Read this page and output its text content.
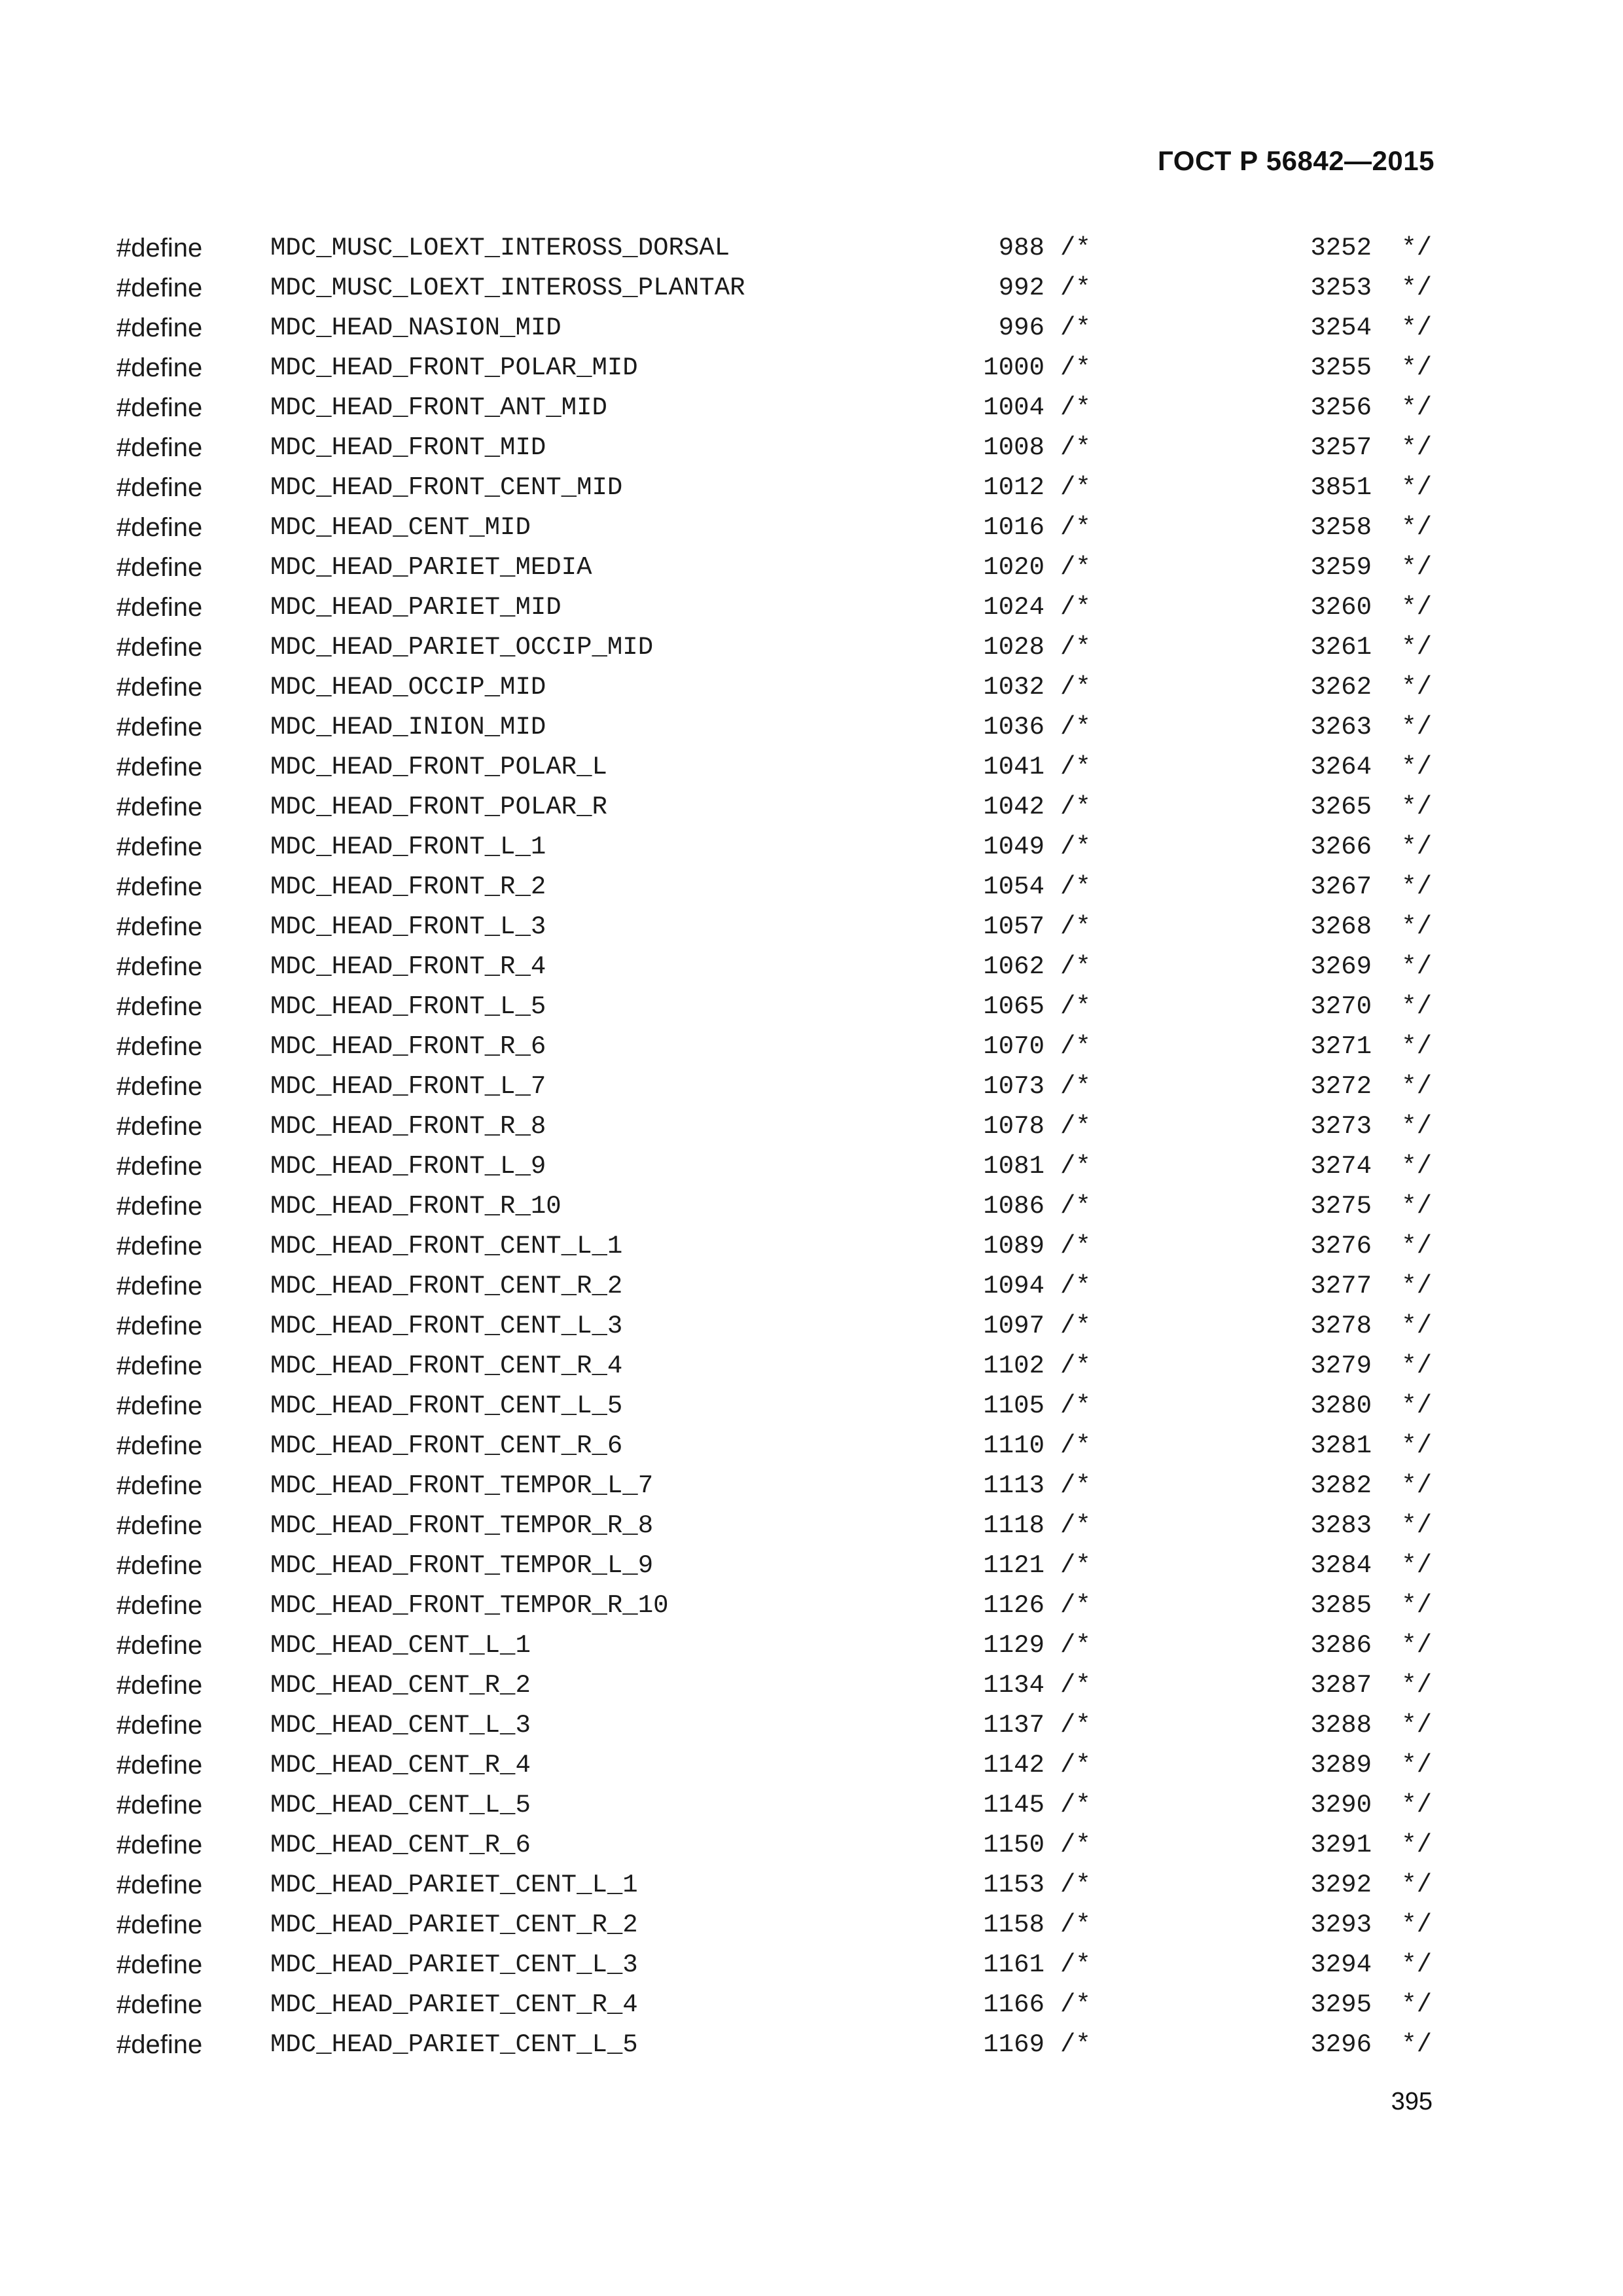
ГОСТ Р 56842—2015
#define	MDC_MUSC_LOEXT_INTEROSS_DORSAL	988 /*	3252 */
#define	MDC_MUSC_LOEXT_INTEROSS_PLANTAR	992 /*	3253 */
#define	MDC_HEAD_NASION_MID	996 /*	3254 */
#define	MDC_HEAD_FRONT_POLAR_MID	1000 /*	3255 */
#define	MDC_HEAD_FRONT_ANT_MID	1004 /*	3256 */
#define	MDC_HEAD_FRONT_MID	1008 /*	3257 */
#define	MDC_HEAD_FRONT_CENT_MID	1012 /*	3851 */
#define	MDC_HEAD_CENT_MID	1016 /*	3258 */
#define	MDC_HEAD_PARIET_MEDIA	1020 /*	3259 */
#define	MDC_HEAD_PARIET_MID	1024 /*	3260 */
#define	MDC_HEAD_PARIET_OCCIP_MID	1028 /*	3261 */
#define	MDC_HEAD_OCCIP_MID	1032 /*	3262 */
#define	MDC_HEAD_INION_MID	1036 /*	3263 */
#define	MDC_HEAD_FRONT_POLAR_L	1041 /*	3264 */
#define	MDC_HEAD_FRONT_POLAR_R	1042 /*	3265 */
#define	MDC_HEAD_FRONT_L_1	1049 /*	3266 */
#define	MDC_HEAD_FRONT_R_2	1054 /*	3267 */
#define	MDC_HEAD_FRONT_L_3	1057 /*	3268 */
#define	MDC_HEAD_FRONT_R_4	1062 /*	3269 */
#define	MDC_HEAD_FRONT_L_5	1065 /*	3270 */
#define	MDC_HEAD_FRONT_R_6	1070 /*	3271 */
#define	MDC_HEAD_FRONT_L_7	1073 /*	3272 */
#define	MDC_HEAD_FRONT_R_8	1078 /*	3273 */
#define	MDC_HEAD_FRONT_L_9	1081 /*	3274 */
#define	MDC_HEAD_FRONT_R_10	1086 /*	3275 */
#define	MDC_HEAD_FRONT_CENT_L_1	1089 /*	3276 */
#define	MDC_HEAD_FRONT_CENT_R_2	1094 /*	3277 */
#define	MDC_HEAD_FRONT_CENT_L_3	1097 /*	3278 */
#define	MDC_HEAD_FRONT_CENT_R_4	1102 /*	3279 */
#define	MDC_HEAD_FRONT_CENT_L_5	1105 /*	3280 */
#define	MDC_HEAD_FRONT_CENT_R_6	1110 /*	3281 */
#define	MDC_HEAD_FRONT_TEMPOR_L_7	1113 /*	3282 */
#define	MDC_HEAD_FRONT_TEMPOR_R_8	1118 /*	3283 */
#define	MDC_HEAD_FRONT_TEMPOR_L_9	1121 /*	3284 */
#define	MDC_HEAD_FRONT_TEMPOR_R_10	1126 /*	3285 */
#define	MDC_HEAD_CENT_L_1	1129 /*	3286 */
#define	MDC_HEAD_CENT_R_2	1134 /*	3287 */
#define	MDC_HEAD_CENT_L_3	1137 /*	3288 */
#define	MDC_HEAD_CENT_R_4	1142 /*	3289 */
#define	MDC_HEAD_CENT_L_5	1145 /*	3290 */
#define	MDC_HEAD_CENT_R_6	1150 /*	3291 */
#define	MDC_HEAD_PARIET_CENT_L_1	1153 /*	3292 */
#define	MDC_HEAD_PARIET_CENT_R_2	1158 /*	3293 */
#define	MDC_HEAD_PARIET_CENT_L_3	1161 /*	3294 */
#define	MDC_HEAD_PARIET_CENT_R_4	1166 /*	3295 */
#define	MDC_HEAD_PARIET_CENT_L_5	1169 /*	3296 */
395
